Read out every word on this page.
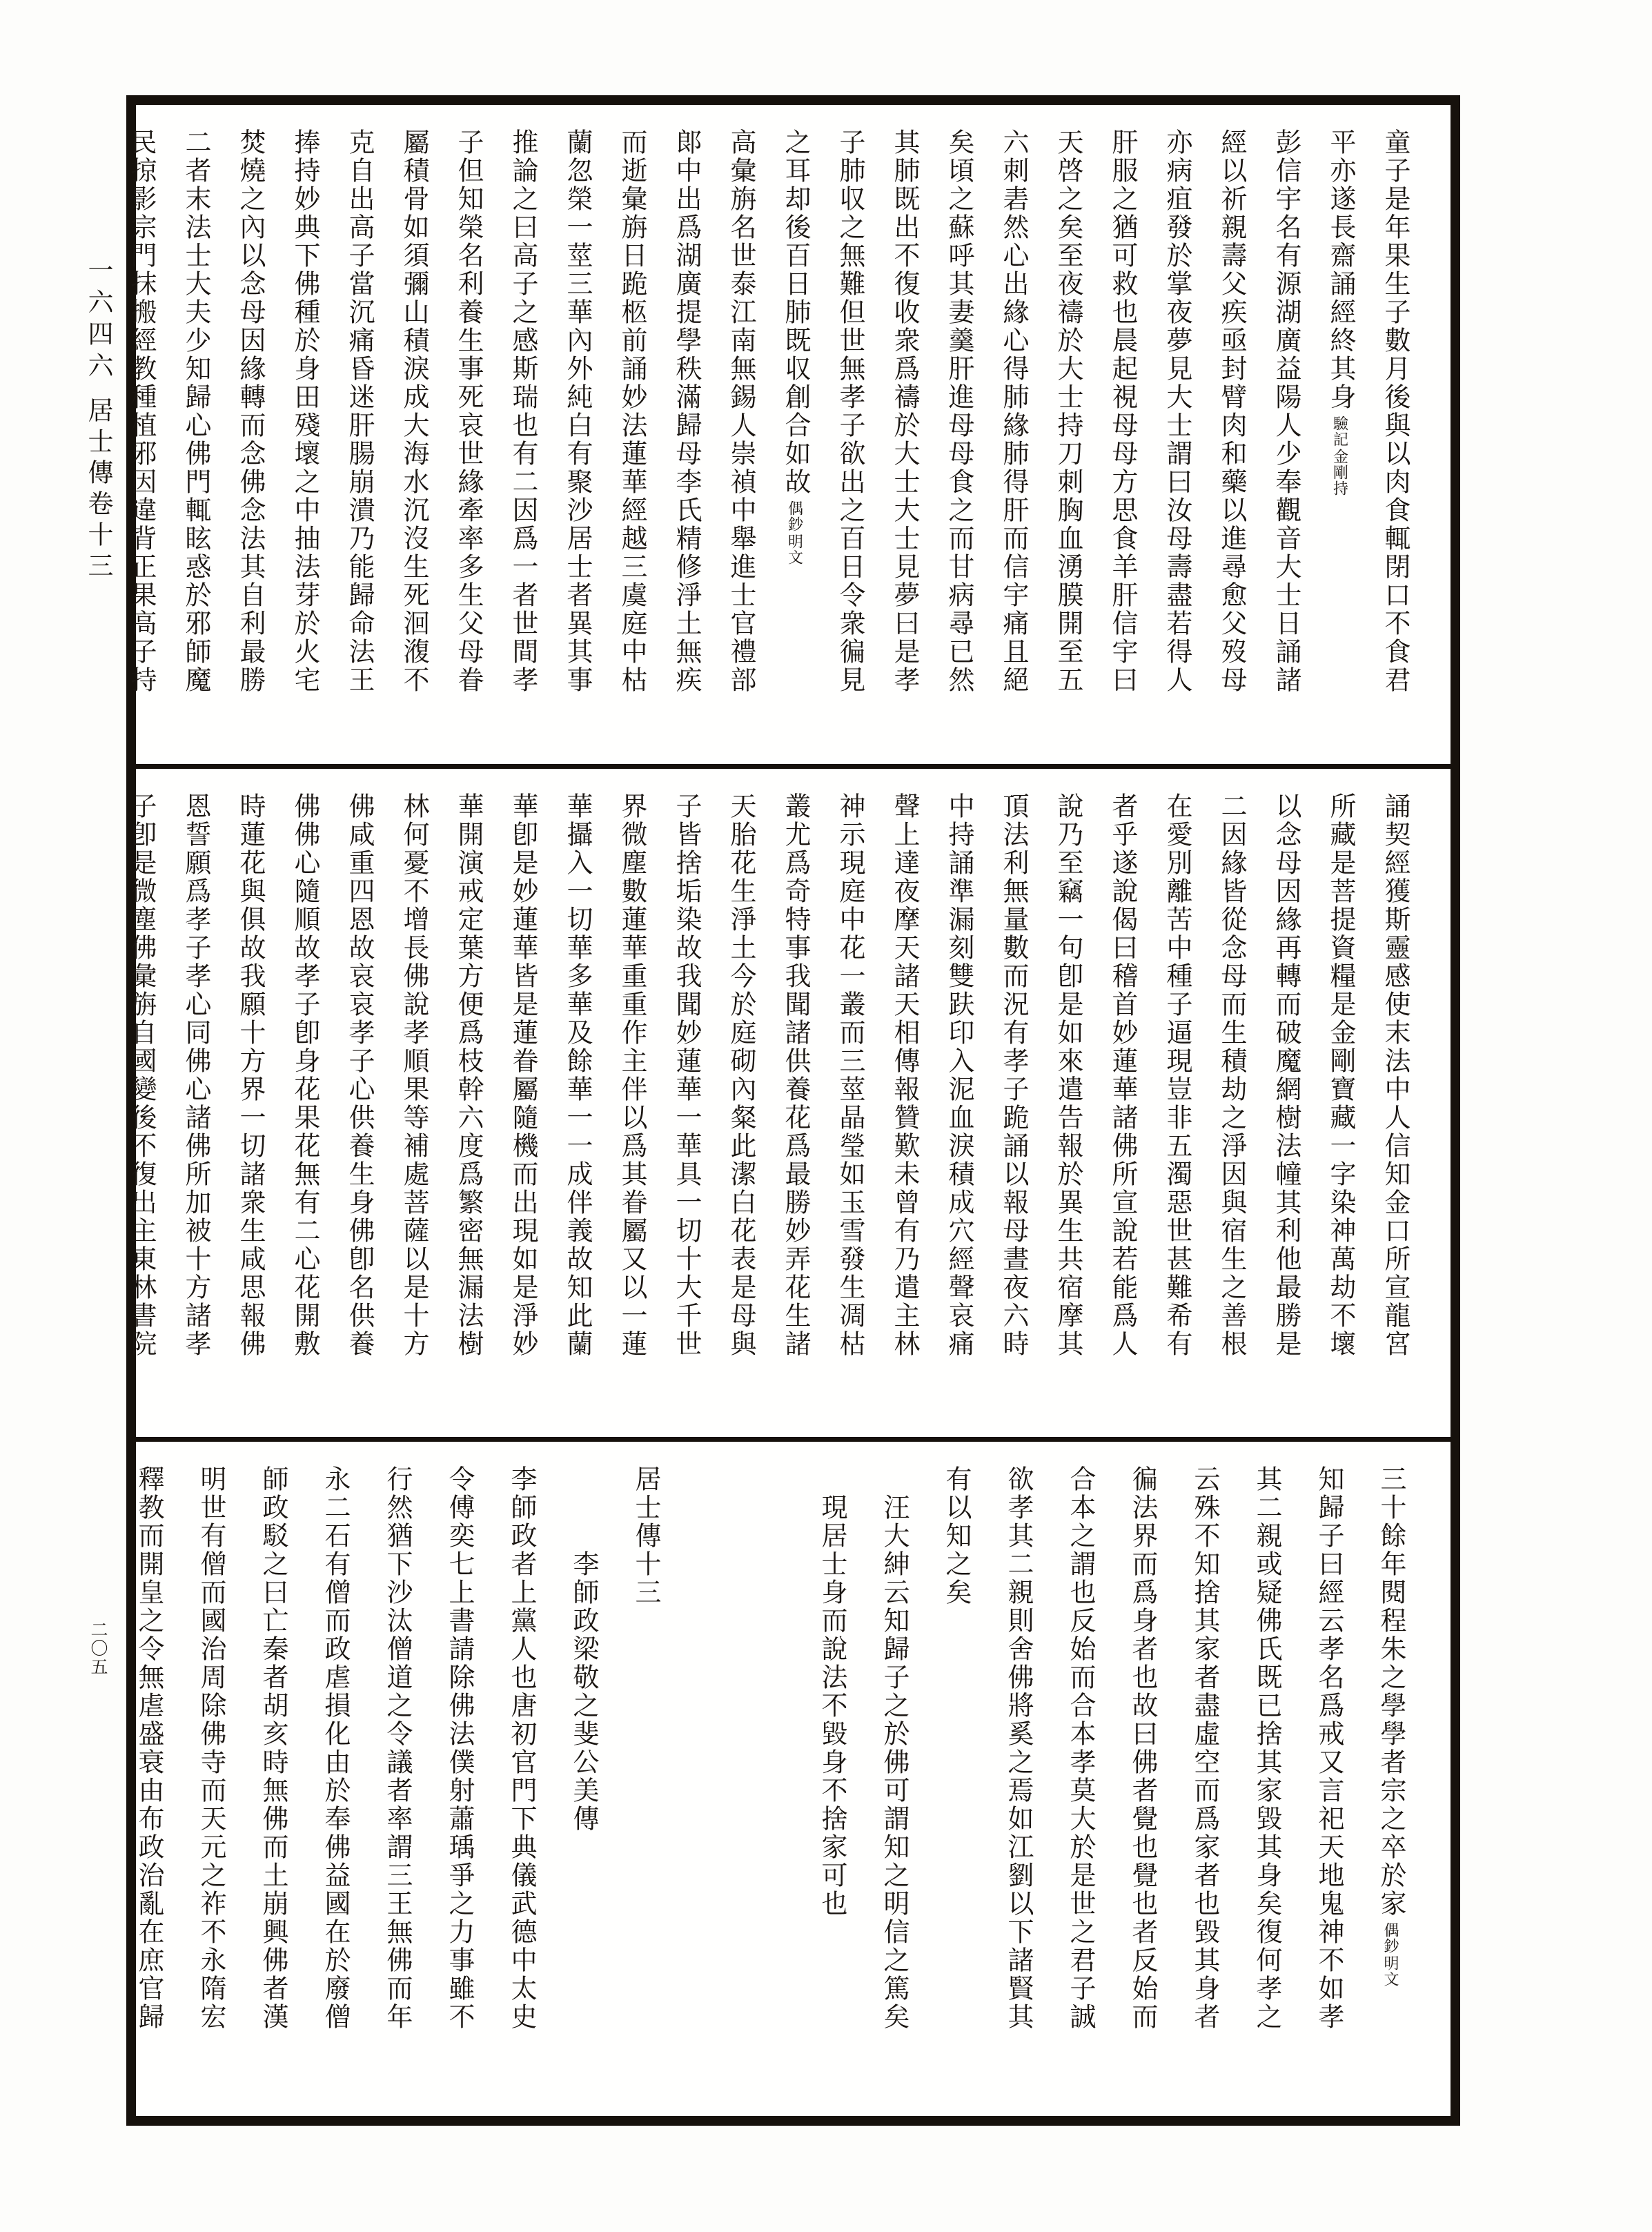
一六四六
居士傳卷十三
二〇五
童子是年果生子數月後與以肉食輒閉口不食君
平亦遂長齋誦經終其身
金剛持
驗記
彭信宇名有源湖廣益陽人少奉觀音大士日誦諸
經以祈親壽父疾亟封臂肉和藥以進尋愈父歿母
亦病疽發於掌夜夢見大士謂曰汝母壽盡若得人
肝服之猶可救也晨起視母母方思食羊肝信宇曰
天啓之矣至夜禱於大士持刀刺胸血湧膜開至五
六刺砉然心出緣心得肺緣肺得肝而信宇痛且絕
矣頃之蘇呼其妻羹肝進母母食之而甘病尋已然
其肺既出不復收衆爲禱於大士大士見夢曰是孝
子肺収之無難但世無孝子欲出之百日令衆徧見
之耳却後百日肺既収創合如故
明文
偶鈔
高彙旃名世泰江南無錫人崇禎中舉進士官禮部
郞中出爲湖廣提學秩滿歸母李氏精修淨土無疾
而逝彙旃日跪柩前誦妙法蓮華經越三虞庭中枯
蘭忽榮一莖三華內外純白有聚沙居士者異其事
推論之曰高子之感斯瑞也有二因爲一者世間孝
子但知榮名利養生事死哀世緣牽率多生父母眷
屬積骨如須彌山積淚成大海水沉沒生死洄澓不
克自出高子當沉痛昏迷肝腸崩潰乃能歸命法王
捧持妙典下佛種於身田殘壞之中抽法芽於火宅
焚燒之內以念母因緣轉而念佛念法其自利最勝
二者末法士大夫少知歸心佛門輒眩惑於邪師魔
民掠影宗門抹搬經教種植邪因違背正果高子持
誦契經獲斯靈感使末法中人信知金口所宣龍宮
所藏是菩提資糧是金剛寶藏一字染神萬劫不壞
以念母因緣再轉而破魔網樹法幢其利他最勝是
二因緣皆從念母而生積劫之淨因與宿生之善根
在愛別離苦中種子逼現豈非五濁惡世甚難希有
者乎遂說偈曰稽首妙蓮華諸佛所宣說若能爲人
說乃至竊一句卽是如來遣告報於異生共宿摩其
頂法利無量數而況有孝子跪誦以報母晝夜六時
中持誦準漏刻雙趺印入泥血淚積成穴經聲哀痛
聲上達夜摩天諸天相傳報贊歎未曾有乃遣主林
神示現庭中花一叢而三莖晶瑩如玉雪發生凋枯
叢尤爲奇特事我聞諸供養花爲最勝妙弄花生諸
天胎花生淨土今於庭砌內粲此潔白花表是母與
子皆捨垢染故我聞妙蓮華一華具一切十大千世
界微塵數蓮華重重作主伴以爲其眷屬又以一蓮
華攝入一切華多華及餘華一一成伴義故知此蘭
華卽是妙蓮華皆是蓮眷屬隨機而出現如是淨妙
華開演戒定葉方便爲枝幹六度爲繁密無漏法樹
林何憂不增長佛說孝順果等補處菩薩以是十方
佛咸重四恩故哀哀孝子心供養生身佛卽名供養
佛佛心隨順故孝子卽身花果花無有二心花開敷
時蓮花與俱故我願十方界一切諸衆生咸思報佛
恩誓願爲孝子孝心同佛心諸佛所加被十方諸孝
子卽是微塵佛彙旃自國變後不復出主東林書院
三十餘年閱程朱之學學者宗之卒於家
明文
偶鈔
知歸子曰經云孝名爲戒又言祀天地鬼神不如孝
其二親或疑佛氏既已捨其家毀其身矣復何孝之
云殊不知捨其家者盡虛空而爲家者也毀其身者
徧法界而爲身者也故曰佛者覺也覺也者反始而
合本之謂也反始而合本孝莫大於是世之君子誠
欲孝其二親則舍佛將奚之焉如江劉以下諸賢其
有以知之矣
汪大紳云知歸子之於佛可謂知之明信之篤矣
現居士身而說法不毀身不捨家可也
居士傳十三
李師政梁敬之斐公美傳
李師政者上黨人也唐初官門下典儀武德中太史
令傅奕七上書請除佛法僕射蕭瑀爭之力事雖不
行然猶下沙汰僧道之令議者率謂三王無佛而年
永二石有僧而政虐損化由於奉佛益國在於廢僧
師政駁之曰亡秦者胡亥時無佛而土崩興佛者漢
明世有僧而國治周除佛寺而天元之祚不永隋宏
釋教而開皇之令無虐盛衰由布政治亂在庶官歸
